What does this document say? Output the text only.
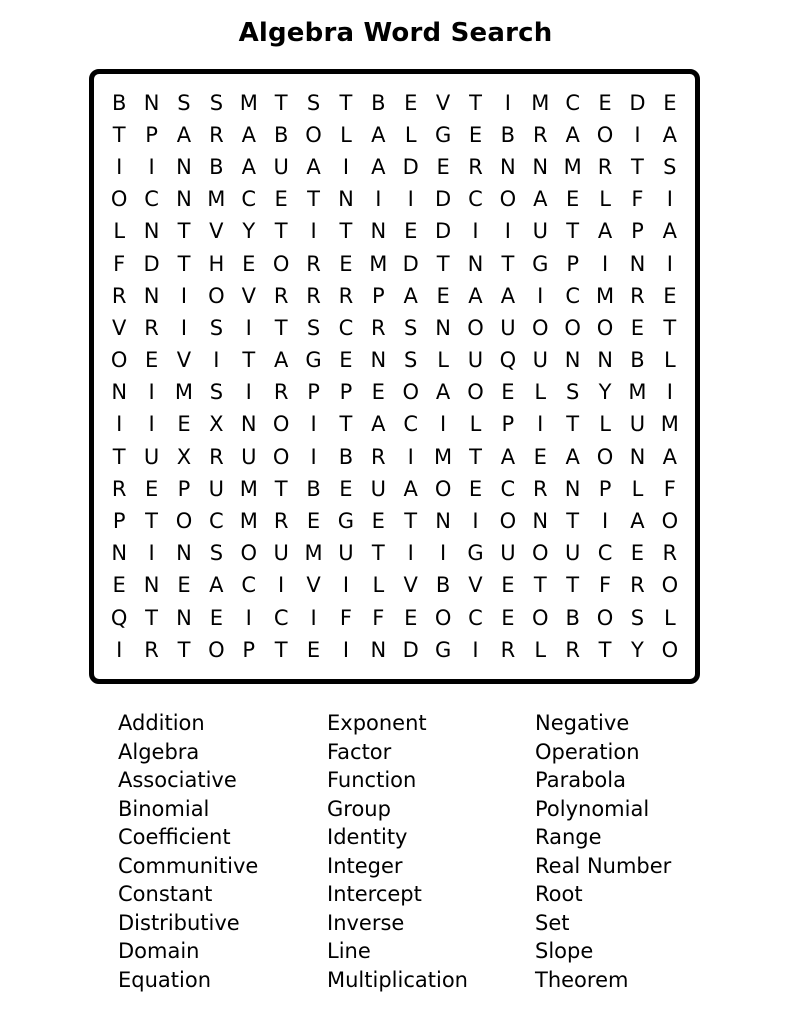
Algebra Word Search
B N S S M T S T B E V T	I M C E D E
T P A R A B O L A L G E B R A O	I	A
I	I	N B A U A	I	A D E R N N M R T S
O C N M C E T N	I	I	D C O A E L F	I
L N T V Y T	I	T N E D	I	I	U T A P A
F D T H E O R E M D T N T G P	I	N	I
R N	I	O V R R R P A E A A	I	C M R E
V R	I	S	I	T S C R S N O U O O O E T
O E V	I	T A G E N S L U Q U N N B L
N	I M S	I	R P P E O A O E L S Y M I
I	I	E X N O	I	T A C	I	L P	I	T L U M
T U X R U O	I	B R	I M T A E A O N A
R E P U M T B E U A O E C R N P L F
P T O C M R E G E T N	I	O N T	I	A O
N	I	N S O U M U T	I	I	G U O U C E R
E N E A C	I	V	I	L V B V E T T F R O
Q T N E	I	C	I	F F E O C E O B O S L
I	R T O P T E	I	N D G	I	R L R T Y O
Addition
Algebra
Associative
Binomial
Coefficient
Communitive
Constant
Distributive
Domain
Equation
Exponent
Factor
Function
Group
Identity
Integer
Intercept
Inverse
Line
Multiplication
Negative
Operation
Parabola
Polynomial
Range
Real Number
Root
Set
Slope
Theorem
